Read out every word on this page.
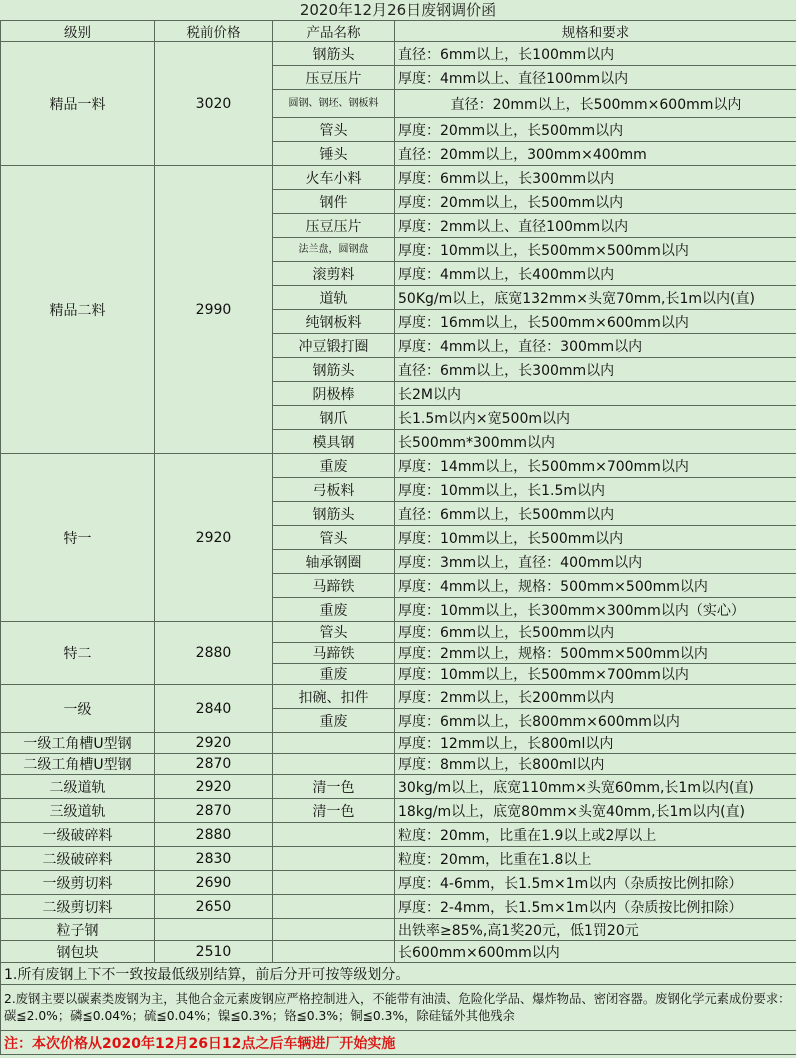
2020年12月26日废钢调价函
级别	税前价格	产品名称	规格和要求
精品一料	3020	钢筋头	直径：6mm以上，长100mm以内
		压豆压片	厚度：4mm以上、直径100mm以内
		圆钢、钢坯、钢板料	直径：20mm以上，长500mm×600mm以内
		管头	厚度：20mm以上，长500mm以内
		锤头	直径：20mm以上，300mm×400mm
精品二料	2990	火车小料	厚度：6mm以上，长300mm以内
		钢件	厚度：20mm以上，长500mm以内
		压豆压片	厚度：2mm以上、直径100mm以内
		法兰盘，圆钢盘	厚度：10mm以上，长500mm×500mm以内
		滚剪料	厚度：4mm以上，长400mm以内
		道轨	50Kg/m以上，底宽132mm×头宽70mm,长1m以内(直)
		纯钢板料	厚度：16mm以上，长500mm×600mm以内
		冲豆锻打圈	厚度：4mm以上，直径：300mm以内
		钢筋头	直径：6mm以上，长300mm以内
		阴极棒	长2M以内
		钢爪	长1.5m以内×宽500m以内
		模具钢	长500mm*300mm以内
特一	2920	重废	厚度：14mm以上，长500mm×700mm以内
		弓板料	厚度：10mm以上，长1.5m以内
		钢筋头	直径：6mm以上，长500mm以内
		管头	厚度：10mm以上，长500mm以内
		轴承钢圈	厚度：3mm以上，直径：400mm以内
		马蹄铁	厚度：4mm以上，规格：500mm×500mm以内
		重废	厚度：10mm以上，长300mm×300mm以内（实心）
特二	2880	管头	厚度：6mm以上，长500mm以内
		马蹄铁	厚度：2mm以上，规格：500mm×500mm以内
		重废	厚度：10mm以上，长500mm×700mm以内
一级	2840	扣碗、扣件	厚度：2mm以上，长200mm以内
		重废	厚度：6mm以上，长800mm×600mm以内
一级工角槽U型钢	2920		厚度：12mm以上，长800ml以内
二级工角槽U型钢	2870		厚度：8mm以上，长800ml以内
二级道轨	2920	清一色	30kg/m以上，底宽110mm×头宽60mm,长1m以内(直)
三级道轨	2870	清一色	18kg/m以上，底宽80mm×头宽40mm,长1m以内(直)
一级破碎料	2880		粒度：20mm，比重在1.9以上或2厚以上
二级破碎料	2830		粒度：20mm，比重在1.8以上
一级剪切料	2690		厚度：4-6mm，长1.5m×1m以内（杂质按比例扣除）
二级剪切料	2650		厚度：2-4mm，长1.5m×1m以内（杂质按比例扣除）
粒子钢			出铁率≥85%,高1奖20元，低1罚20元
钢包块	2510		长600mm×600mm以内
1.所有废钢上下不一致按最低级别结算，前后分开可按等级划分。			
2.废钢主要以碳素类废钢为主，其他合金元素废钢应严格控制进入，不能带有油渍、危险化学品、爆炸物品、密闭容器。废钢化学元素成份要求：碳≦2.0%；磷≦0.04%；硫≦0.04%；镍≦0.3%；铬≦0.3%；铜≦0.3%，除硅锰外其他残余			
注：本次价格从2020年12月26日12点之后车辆进厂开始实施			
